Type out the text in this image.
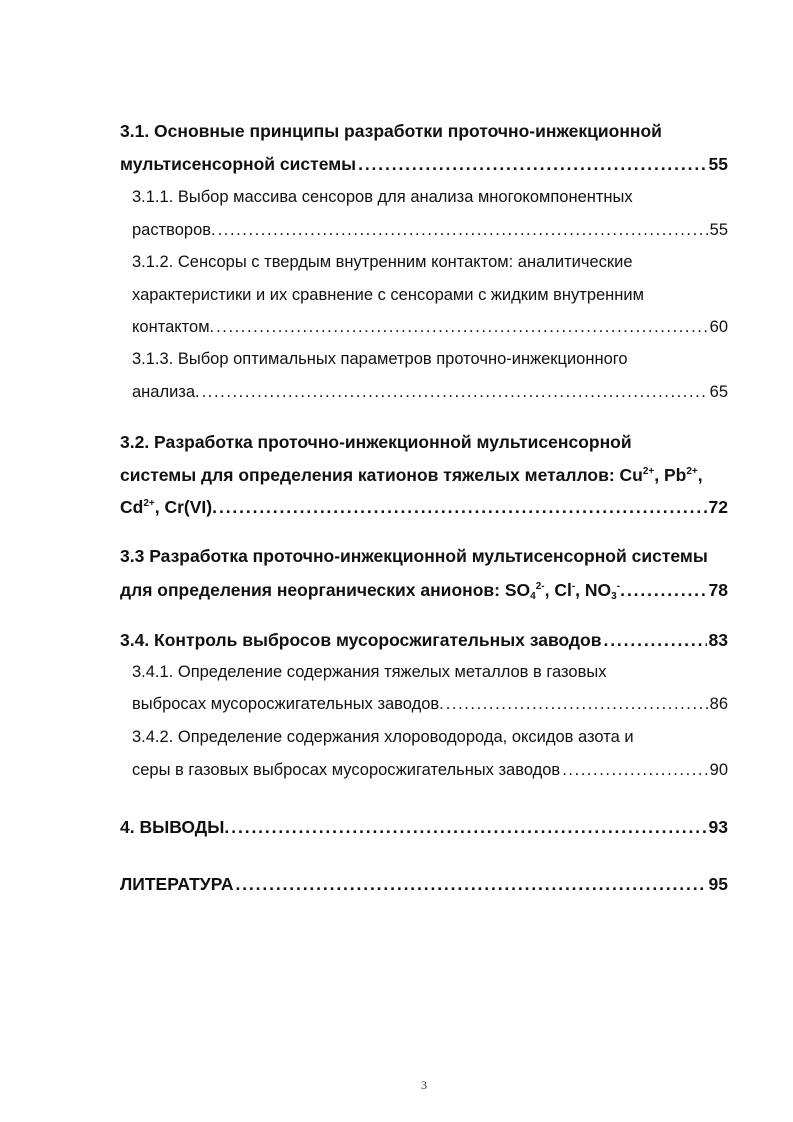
3.1. Основные принципы разработки проточно-инжекционной
мультисенсорной системы . . .	55
3.1.1. Выбор массива сенсоров для анализа многокомпонентных
растворов. . . .	55
3.1.2. Сенсоры с твердым внутренним контактом: аналитические
характеристики и их сравнение с сенсорами с жидким внутренним
контактом. . . .	60
3.1.3. Выбор оптимальных параметров проточно-инжекционного
анализа. . . .	65
3.2. Разработка проточно-инжекционной мультисенсорной
системы для определения катионов тяжелых металлов: $Cu^{2+}$, $Pb^{2+}$,
$Cd^{2+}$, Cr(VI). . . .	72
3.3 Разработка проточно-инжекционной мультисенсорной системы
для определения неорганических анионов: $SO_4^{2-}$, Cl-, $NO_3^-$. . . .	78
3.4. Контроль выбросов мусоросжигательных заводов . . .	83
3.4.1. Определение содержания тяжелых металлов в газовых
выбросах мусоросжигательных заводов. . . .	86
3.4.2. Определение содержания хлороводорода, оксидов азота и
серы в газовых выбросах мусоросжигательных заводов . . .	90
4. ВЫВОДЫ. . . .	93
ЛИТЕРАТУРА . . .	95
3
